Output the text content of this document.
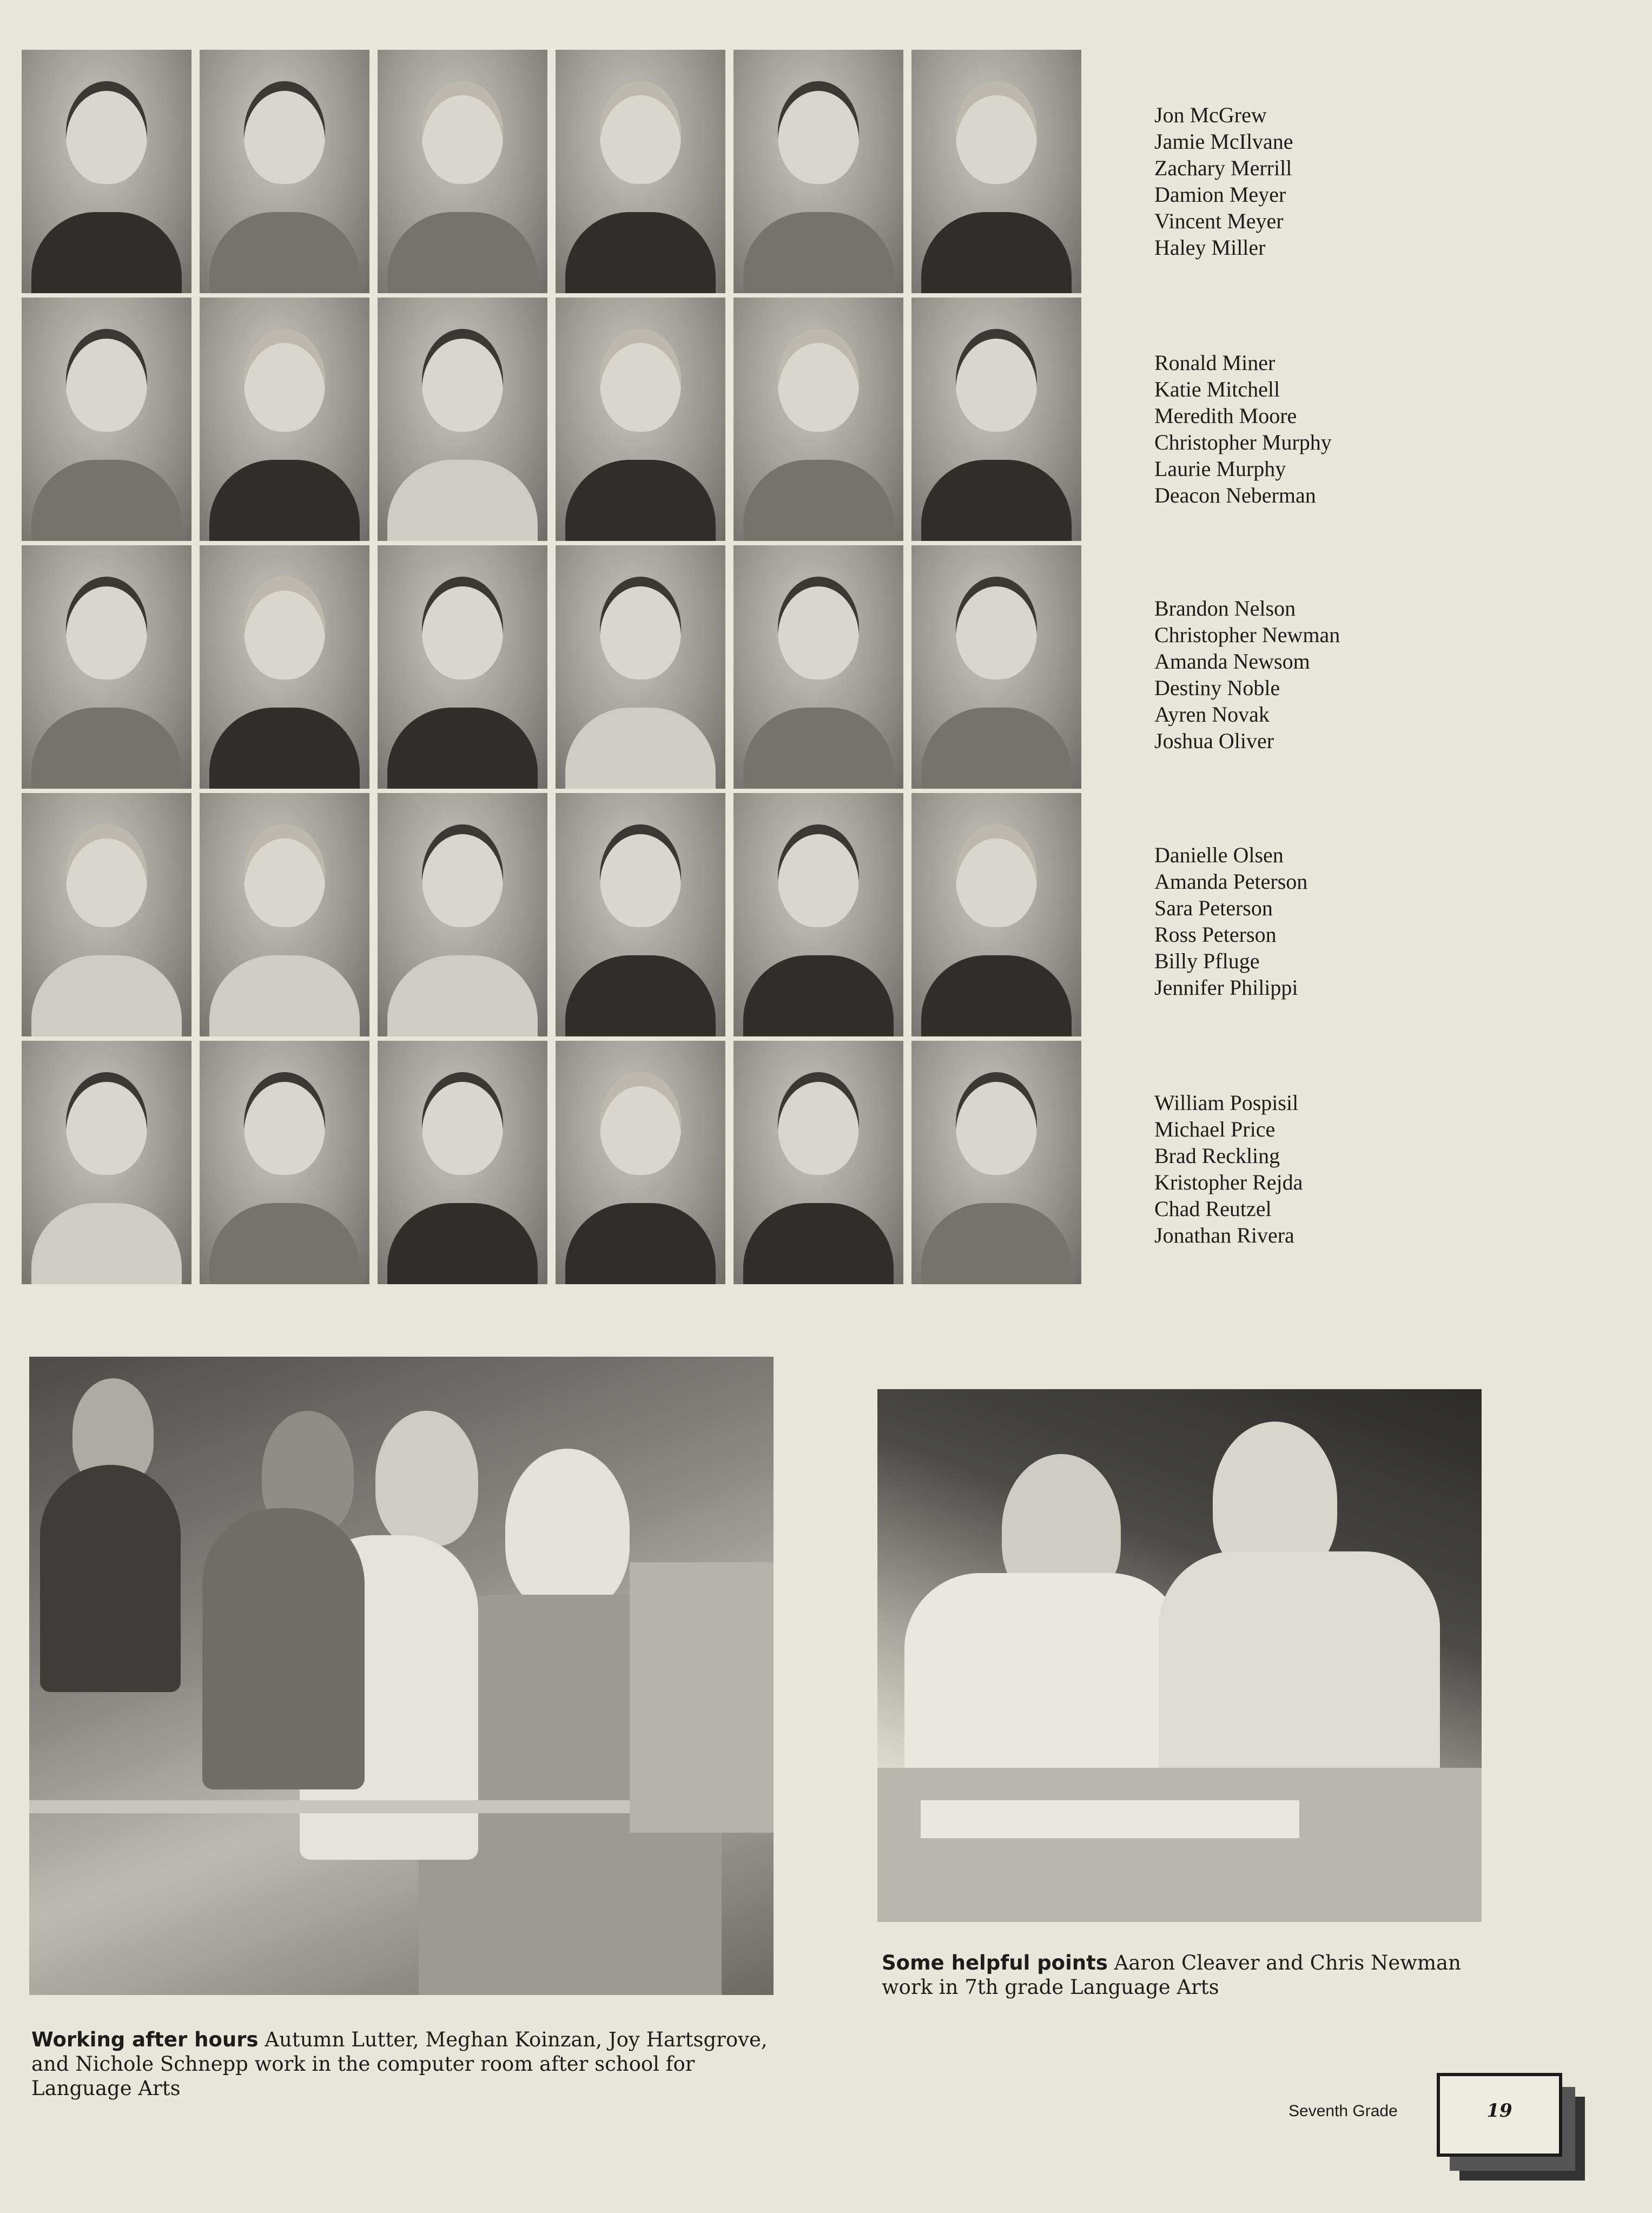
Jon McGrew
Jamie McIlvane
Zachary Merrill
Damion Meyer
Vincent Meyer
Haley Miller
Ronald Miner
Katie Mitchell
Meredith Moore
Christopher Murphy
Laurie Murphy
Deacon Neberman
Brandon Nelson
Christopher Newman
Amanda Newsom
Destiny Noble
Ayren Novak
Joshua Oliver
Danielle Olsen
Amanda Peterson
Sara Peterson
Ross Peterson
Billy Pfluge
Jennifer Philippi
William Pospisil
Michael Price
Brad Reckling
Kristopher Rejda
Chad Reutzel
Jonathan Rivera
Working after hours Autumn Lutter, Meghan Koinzan, Joy Hartsgrove, and Nichole Schnepp work in the computer room after school for Language Arts
Some helpful points Aaron Cleaver and Chris Newman work in 7th grade Language Arts
Seventh Grade	19
